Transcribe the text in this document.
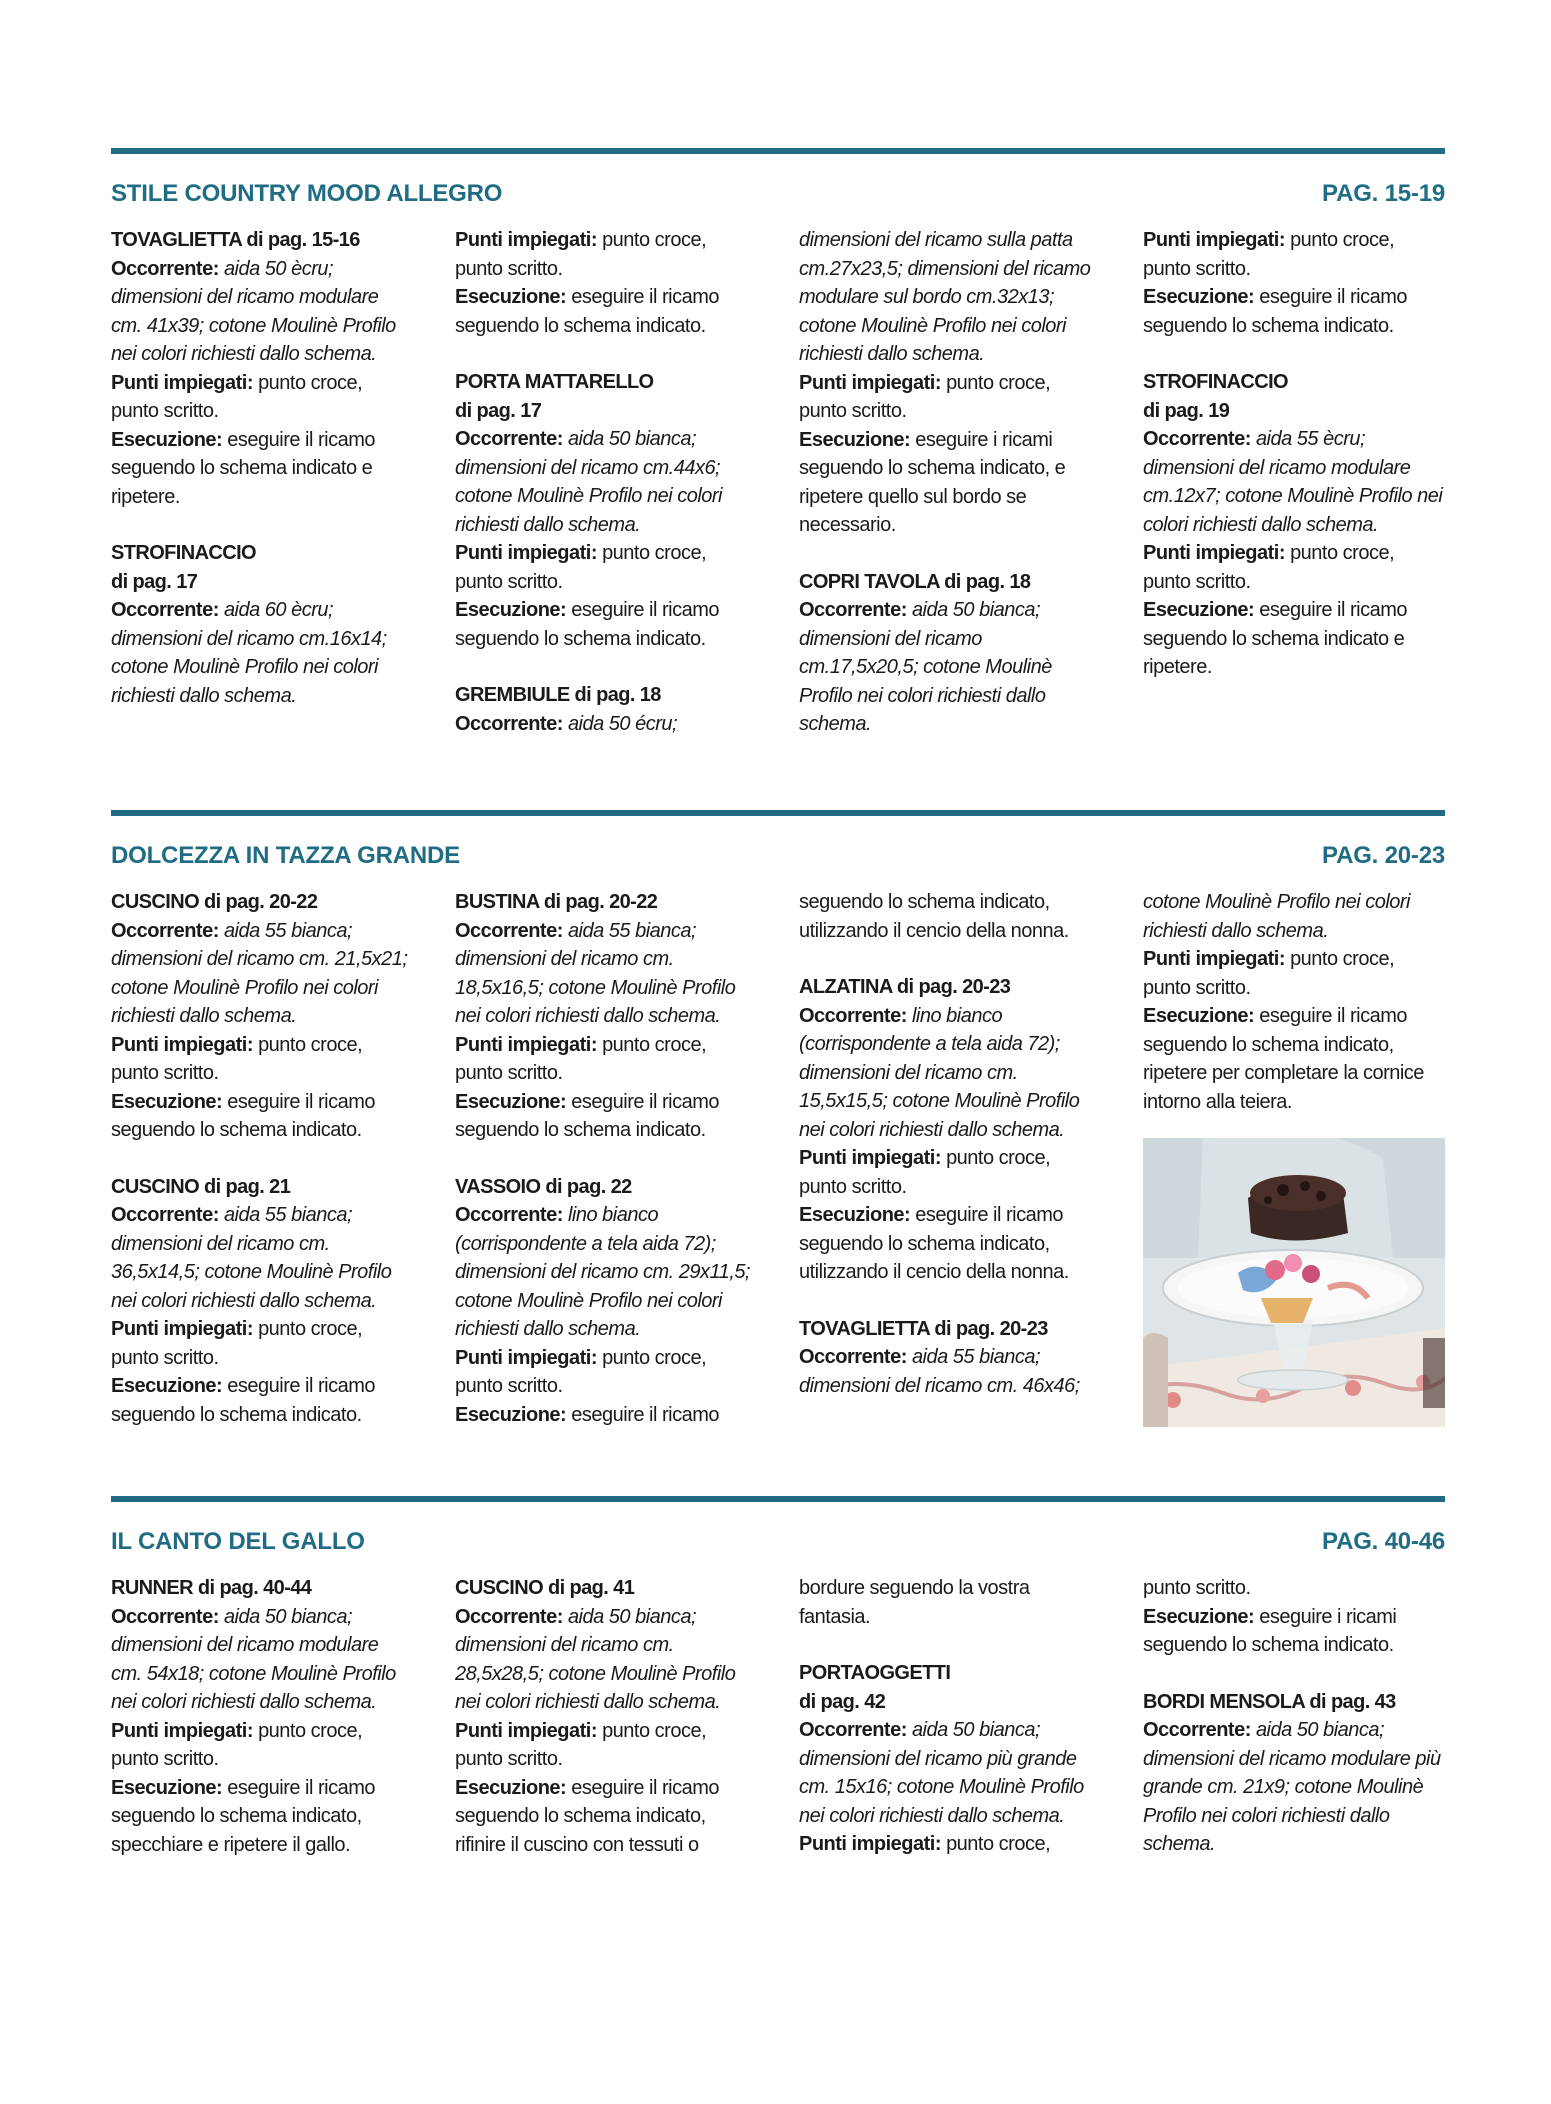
STILE COUNTRY MOOD ALLEGRO	PAG. 15-19

TOVAGLIETTA di pag. 15-16

Occorrente: aida 50 ècru; dimensioni del ricamo modulare cm. 41x39; cotone Moulinè Profilo nei colori richiesti dallo schema.

Punti impiegati: punto croce, punto scritto.

Esecuzione: eseguire il ricamo seguendo lo schema indicato e ripetere.

STROFINACCIO

di pag. 17

Occorrente: aida 60 ècru; dimensioni del ricamo cm.16x14; cotone Moulinè Profilo nei colori richiesti dallo schema.

Punti impiegati: punto croce, punto scritto.

Esecuzione: eseguire il ricamo seguendo lo schema indicato.

PORTA MATTARELLO

di pag. 17

Occorrente: aida 50 bianca; dimensioni del ricamo cm.44x6; cotone Moulinè Profilo nei colori richiesti dallo schema.

Punti impiegati: punto croce, punto scritto.

Esecuzione: eseguire il ricamo seguendo lo schema indicato.

GREMBIULE di pag. 18

Occorrente: aida 50 écru;

dimensioni del ricamo sulla patta cm.27x23,5; dimensioni del ricamo modulare sul bordo cm.32x13; cotone Moulinè Profilo nei colori richiesti dallo schema.

Punti impiegati: punto croce, punto scritto.

Esecuzione: eseguire i ricami seguendo lo schema indicato, e ripetere quello sul bordo se necessario.

COPRI TAVOLA di pag. 18

Occorrente: aida 50 bianca; dimensioni del ricamo cm.17,5x20,5; cotone Moulinè Profilo nei colori richiesti dallo schema.

Punti impiegati: punto croce, punto scritto.

Esecuzione: eseguire il ricamo seguendo lo schema indicato.

STROFINACCIO

di pag. 19

Occorrente: aida 55 ècru; dimensioni del ricamo modulare cm.12x7; cotone Moulinè Profilo nei colori richiesti dallo schema.

Punti impiegati: punto croce, punto scritto.

Esecuzione: eseguire il ricamo seguendo lo schema indicato e ripetere.

DOLCEZZA IN TAZZA GRANDE	PAG. 20-23

CUSCINO di pag. 20-22

Occorrente: aida 55 bianca; dimensioni del ricamo cm. 21,5x21; cotone Moulinè Profilo nei colori richiesti dallo schema.

Punti impiegati: punto croce, punto scritto.

Esecuzione: eseguire il ricamo seguendo lo schema indicato.

CUSCINO di pag. 21

Occorrente: aida 55 bianca; dimensioni del ricamo cm. 36,5x14,5; cotone Moulinè Profilo nei colori richiesti dallo schema.

Punti impiegati: punto croce, punto scritto.

Esecuzione: eseguire il ricamo seguendo lo schema indicato.

BUSTINA di pag. 20-22

Occorrente: aida 55 bianca; dimensioni del ricamo cm. 18,5x16,5; cotone Moulinè Profilo nei colori richiesti dallo schema.

Punti impiegati: punto croce, punto scritto.

Esecuzione: eseguire il ricamo seguendo lo schema indicato.

VASSOIO di pag. 22

Occorrente: lino bianco (corrispondente a tela aida 72); dimensioni del ricamo cm. 29x11,5; cotone Moulinè Profilo nei colori richiesti dallo schema.

Punti impiegati: punto croce, punto scritto.

Esecuzione: eseguire il ricamo

seguendo lo schema indicato, utilizzando il cencio della nonna.

ALZATINA di pag. 20-23

Occorrente: lino bianco (corrispondente a tela aida 72); dimensioni del ricamo cm. 15,5x15,5; cotone Moulinè Profilo nei colori richiesti dallo schema.

Punti impiegati: punto croce, punto scritto.

Esecuzione: eseguire il ricamo seguendo lo schema indicato, utilizzando il cencio della nonna.

TOVAGLIETTA di pag. 20-23

Occorrente: aida 55 bianca; dimensioni del ricamo cm. 46x46;

cotone Moulinè Profilo nei colori richiesti dallo schema.

Punti impiegati: punto croce, punto scritto.

Esecuzione: eseguire il ricamo seguendo lo schema indicato, ripetere per completare la cornice intorno alla teiera.

IL CANTO DEL GALLO	PAG. 40-46

RUNNER di pag. 40-44

Occorrente: aida 50 bianca; dimensioni del ricamo modulare cm. 54x18; cotone Moulinè Profilo nei colori richiesti dallo schema.

Punti impiegati: punto croce, punto scritto.

Esecuzione: eseguire il ricamo seguendo lo schema indicato, specchiare e ripetere il gallo.

CUSCINO di pag. 41

Occorrente: aida 50 bianca; dimensioni del ricamo cm. 28,5x28,5; cotone Moulinè Profilo nei colori richiesti dallo schema.

Punti impiegati: punto croce, punto scritto.

Esecuzione: eseguire il ricamo seguendo lo schema indicato, rifinire il cuscino con tessuti o

bordure seguendo la vostra fantasia.

PORTAOGGETTI

di pag. 42

Occorrente: aida 50 bianca; dimensioni del ricamo più grande cm. 15x16; cotone Moulinè Profilo nei colori richiesti dallo schema.

Punti impiegati: punto croce,

punto scritto.

Esecuzione: eseguire i ricami seguendo lo schema indicato.

BORDI MENSOLA di pag. 43

Occorrente: aida 50 bianca; dimensioni del ricamo modulare più grande cm. 21x9; cotone Moulinè Profilo nei colori richiesti dallo schema.
